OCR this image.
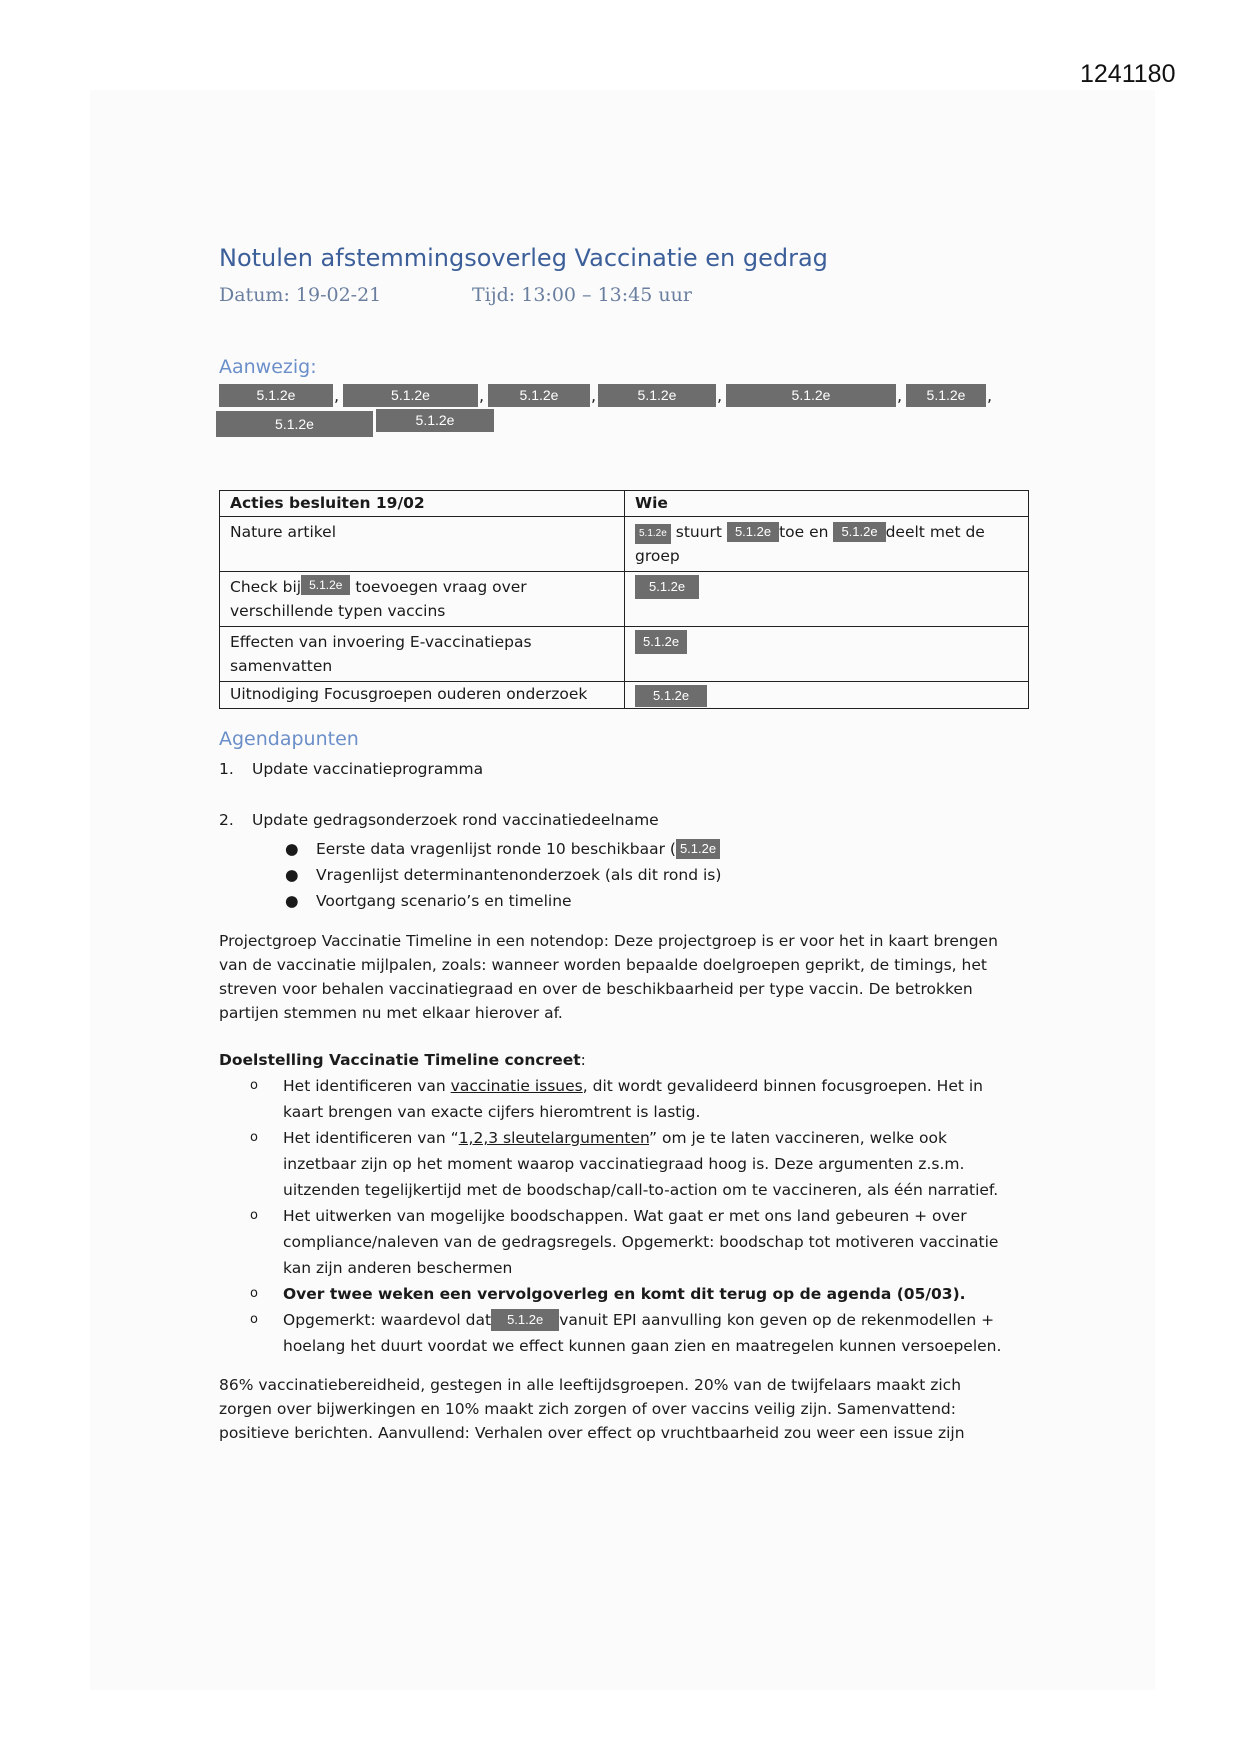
1241180
Notulen afstemmingsoverleg Vaccinatie en gedrag
Datum: 19-02-21	Tijd: 13:00 – 13:45 uur
Aanwezig:
5.1.2e	,	5.1.2e	,	5.1.2e	,	5.1.2e	,	5.1.2e	,	5.1.2e	,
5.1.2e	5.1.2e
Acties besluiten 19/02	Wie
Nature artikel	5.1.2e stuurt 5.1.2e toe en 5.1.2e deelt met de
groep
Check bij 5.1.2e toevoegen vraag over
verschillende typen vaccins	5.1.2e
Effecten van invoering E-vaccinatiepas
samenvatten	5.1.2e
Uitnodiging Focusgroepen ouderen onderzoek	5.1.2e
Agendapunten
1. Update vaccinatieprogramma
2. Update gedragsonderzoek rond vaccinatiedeelname
● Eerste data vragenlijst ronde 10 beschikbaar ( 5.1.2e
● Vragenlijst determinantenonderzoek (als dit rond is)
● Voortgang scenario’s en timeline
Projectgroep Vaccinatie Timeline in een notendop: Deze projectgroep is er voor het in kaart brengen
van de vaccinatie mijlpalen, zoals: wanneer worden bepaalde doelgroepen geprikt, de timings, het
streven voor behalen vaccinatiegraad en over de beschikbaarheid per type vaccin. De betrokken
partijen stemmen nu met elkaar hierover af.
Doelstelling Vaccinatie Timeline concreet:
o Het identificeren van vaccinatie issues, dit wordt gevalideerd binnen focusgroepen. Het in
kaart brengen van exacte cijfers hieromtrent is lastig.
o Het identificeren van “1,2,3 sleutelargumenten” om je te laten vaccineren, welke ook
inzetbaar zijn op het moment waarop vaccinatiegraad hoog is. Deze argumenten z.s.m.
uitzenden tegelijkertijd met de boodschap/call-to-action om te vaccineren, als één narratief.
o Het uitwerken van mogelijke boodschappen. Wat gaat er met ons land gebeuren + over
compliance/naleven van de gedragsregels. Opgemerkt: boodschap tot motiveren vaccinatie
kan zijn anderen beschermen
o Over twee weken een vervolgoverleg en komt dit terug op de agenda (05/03).
o Opgemerkt: waardevol dat 5.1.2e vanuit EPI aanvulling kon geven op de rekenmodellen +
hoelang het duurt voordat we effect kunnen gaan zien en maatregelen kunnen versoepelen.
86% vaccinatiebereidheid, gestegen in alle leeftijdsgroepen. 20% van de twijfelaars maakt zich
zorgen over bijwerkingen en 10% maakt zich zorgen of over vaccins veilig zijn. Samenvattend:
positieve berichten. Aanvullend: Verhalen over effect op vruchtbaarheid zou weer een issue zijn
